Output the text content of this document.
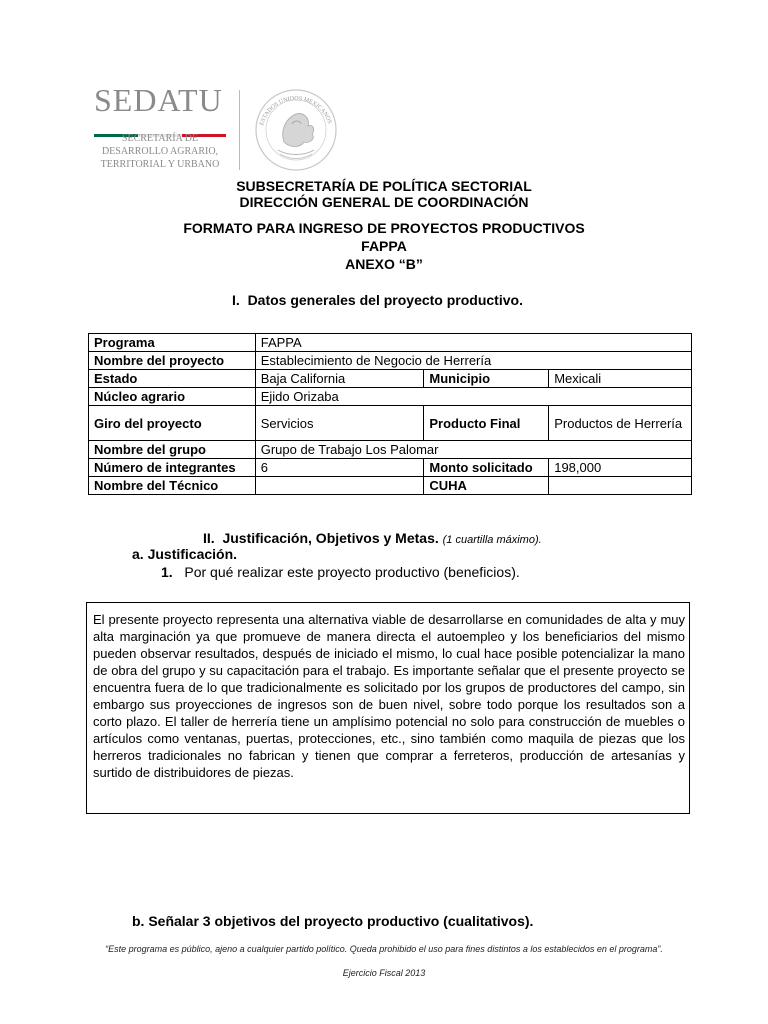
SEDATU
SECRETARÍA DE
DESARROLLO AGRARIO,
TERRITORIAL Y URBANO
ESTADOS UNIDOS MEXICANOS
SUBSECRETARÍA DE POLÍTICA SECTORIAL
DIRECCIÓN GENERAL DE COORDINACIÓN
FORMATO PARA INGRESO DE PROYECTOS PRODUCTIVOS
FAPPA
ANEXO “B”
I. Datos generales del proyecto productivo.
Programa	FAPPA		
Nombre del proyecto	Establecimiento de Negocio de Herrería		
Estado	Baja California	Municipio	Mexicali
Núcleo agrario	Ejido Orizaba		
Giro del proyecto	Servicios	Producto Final	Productos de Herrería
Nombre del grupo	Grupo de Trabajo Los Palomar		
Número de integrantes	6	Monto solicitado	198,000
Nombre del Técnico		CUHA	
II. Justificación, Objetivos y Metas. (1 cuartilla máximo).
a. Justificación.
1. Por qué realizar este proyecto productivo (beneficios).

El presente proyecto representa una alternativa viable de desarrollarse en comunidades de alta y muy alta marginación ya que promueve de manera directa el autoempleo y los beneficiarios del mismo pueden observar resultados, después de iniciado el mismo, lo cual hace posible potencializar la mano de obra del grupo y su capacitación para el trabajo. Es importante señalar que el presente proyecto se encuentra fuera de lo que tradicionalmente es solicitado por los grupos de productores del campo, sin embargo sus proyecciones de ingresos son de buen nivel, sobre todo porque los resultados son a corto plazo. El taller de herrería tiene un amplísimo potencial no solo para construcción de muebles o artículos como ventanas, puertas, protecciones, etc., sino también como maquila de piezas que los herreros tradicionales no fabrican y tienen que comprar a ferreteros, producción de artesanías y surtido de distribuidores de piezas.

b. Señalar 3 objetivos del proyecto productivo (cualitativos).
“Este programa es público, ajeno a cualquier partido político. Queda prohibido el uso para fines distintos a los establecidos en el programa”.
Ejercicio Fiscal 2013
